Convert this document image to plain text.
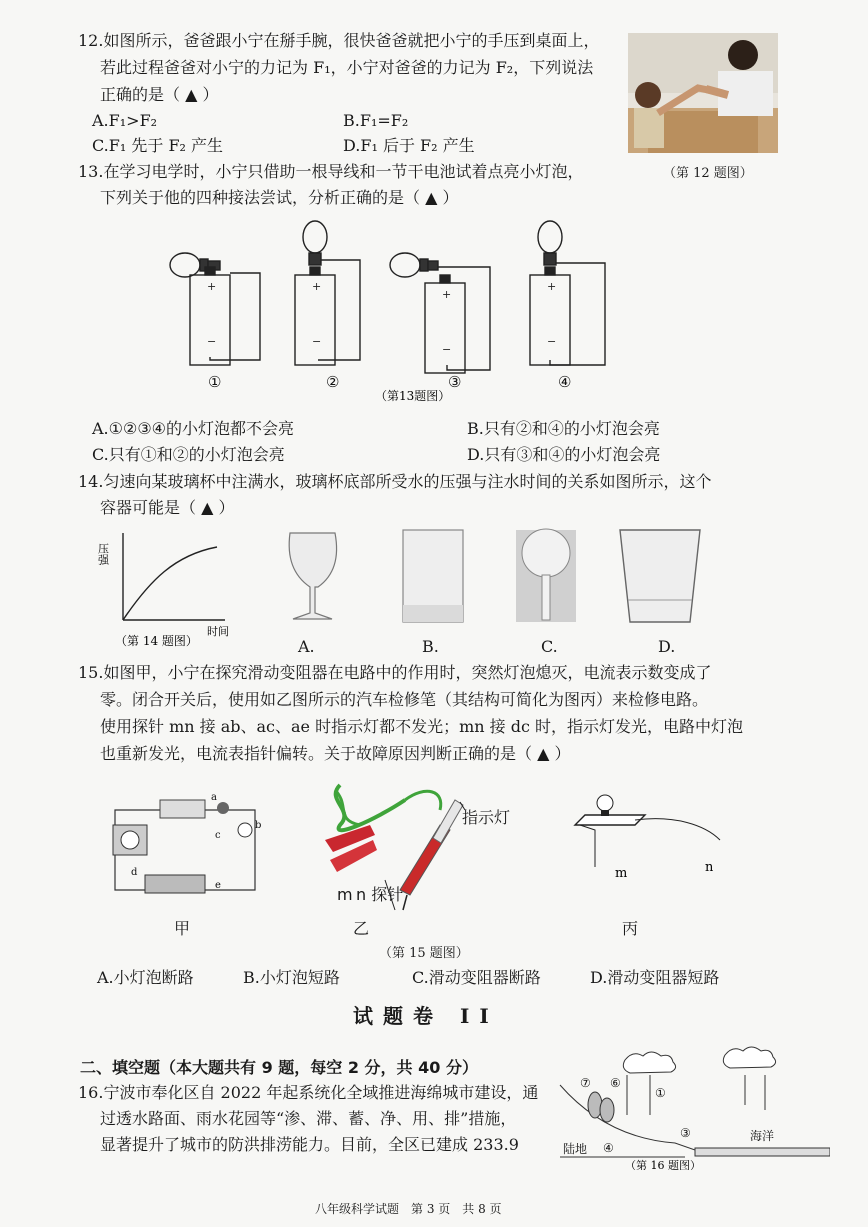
12.如图所示，爸爸跟小宁在掰手腕，很快爸爸就把小宁的手压到桌面上，
若此过程爸爸对小宁的力记为 F₁，小宁对爸爸的力记为 F₂，下列说法
正确的是（ ▲ ）
A.F₁>F₂	B.F₁=F₂
C.F₁ 先于 F₂ 产生	D.F₁ 后于 F₂ 产生
（第 12 题图）
13.在学习电学时，小宁只借助一根导线和一节干电池试着点亮小灯泡，
下列关于他的四种接法尝试，分析正确的是（ ▲ ）
+
−
+
−
+
−
+
−
①	②	③	④
（第13题图）
A.①②③④的小灯泡都不会亮	B.只有②和④的小灯泡会亮
C.只有①和②的小灯泡会亮	D.只有③和④的小灯泡会亮
14.匀速向某玻璃杯中注满水，玻璃杯底部所受水的压强与注水时间的关系如图所示，这个
容器可能是（ ▲ ）
压强
时间
（第 14 题图）	A.	B.	C.	D.
15.如图甲，小宁在探究滑动变阻器在电路中的作用时，突然灯泡熄灭，电流表示数变成了
零。闭合开关后，使用如乙图所示的汽车检修笔（其结构可简化为图丙）来检修电路。
使用探针 mn 接 ab、ac、ae 时指示灯都不发光；mn 接 dc 时，指示灯发光，电路中灯泡
也重新发光，电流表指针偏转。关于故障原因判断正确的是（ ▲ ）
a
b
c
d
e
甲
指示灯
m n 探针
乙
m	n
丙
（第 15 题图）
A.小灯泡断路	B.小灯泡短路	C.滑动变阻器断路	D.滑动变阻器短路
试题卷 II
二、填空题（本大题共有 9 题，每空 2 分，共 40 分）
16.宁波市奉化区自 2022 年起系统化全域推进海绵城市建设，通
过透水路面、雨水花园等“渗、滞、蓄、净、用、排”措施，
显著提升了城市的防洪排涝能力。目前，全区已建成 233.9
⑦ ⑥
①
③
④
陆地
海洋
（第 16 题图）
八年级科学试题　第 3 页　共 8 页
